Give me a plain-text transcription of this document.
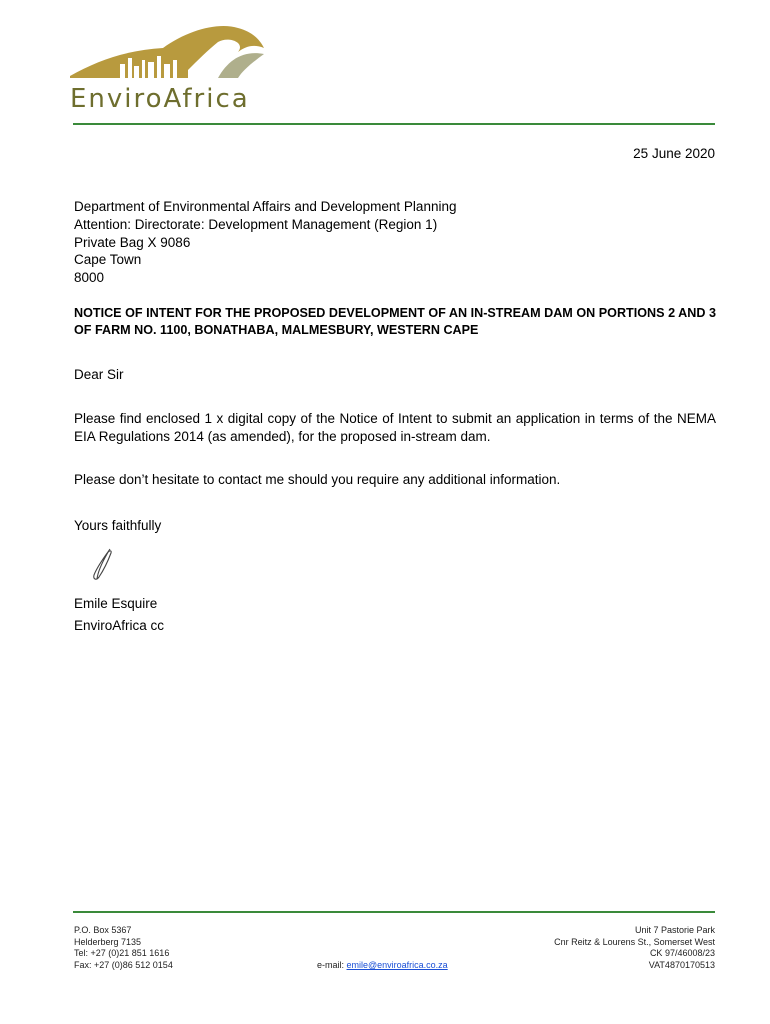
EnviroAfrica
25 June 2020
Department of Environmental Affairs and Development Planning
Attention: Directorate: Development Management (Region 1)
Private Bag X 9086
Cape Town
8000
NOTICE OF INTENT FOR THE PROPOSED DEVELOPMENT OF AN IN-STREAM DAM ON PORTIONS 2 AND 3 OF FARM NO. 1100, BONATHABA, MALMESBURY, WESTERN CAPE
Dear Sir
Please find enclosed 1 x digital copy of the Notice of Intent to submit an application in terms of the NEMA EIA Regulations 2014 (as amended), for the proposed in-stream dam.
Please don’t hesitate to contact me should you require any additional information.
Yours faithfully
Emile Esquire
EnviroAfrica cc
P.O. Box 5367
Helderberg 7135
Tel: +27 (0)21 851 1616
Fax: +27 (0)86 512 0154	e-mail: emile@enviroafrica.co.za
Unit 7 Pastorie Park
Cnr Reitz & Lourens St., Somerset West
CK 97/46008/23
VAT4870170513
